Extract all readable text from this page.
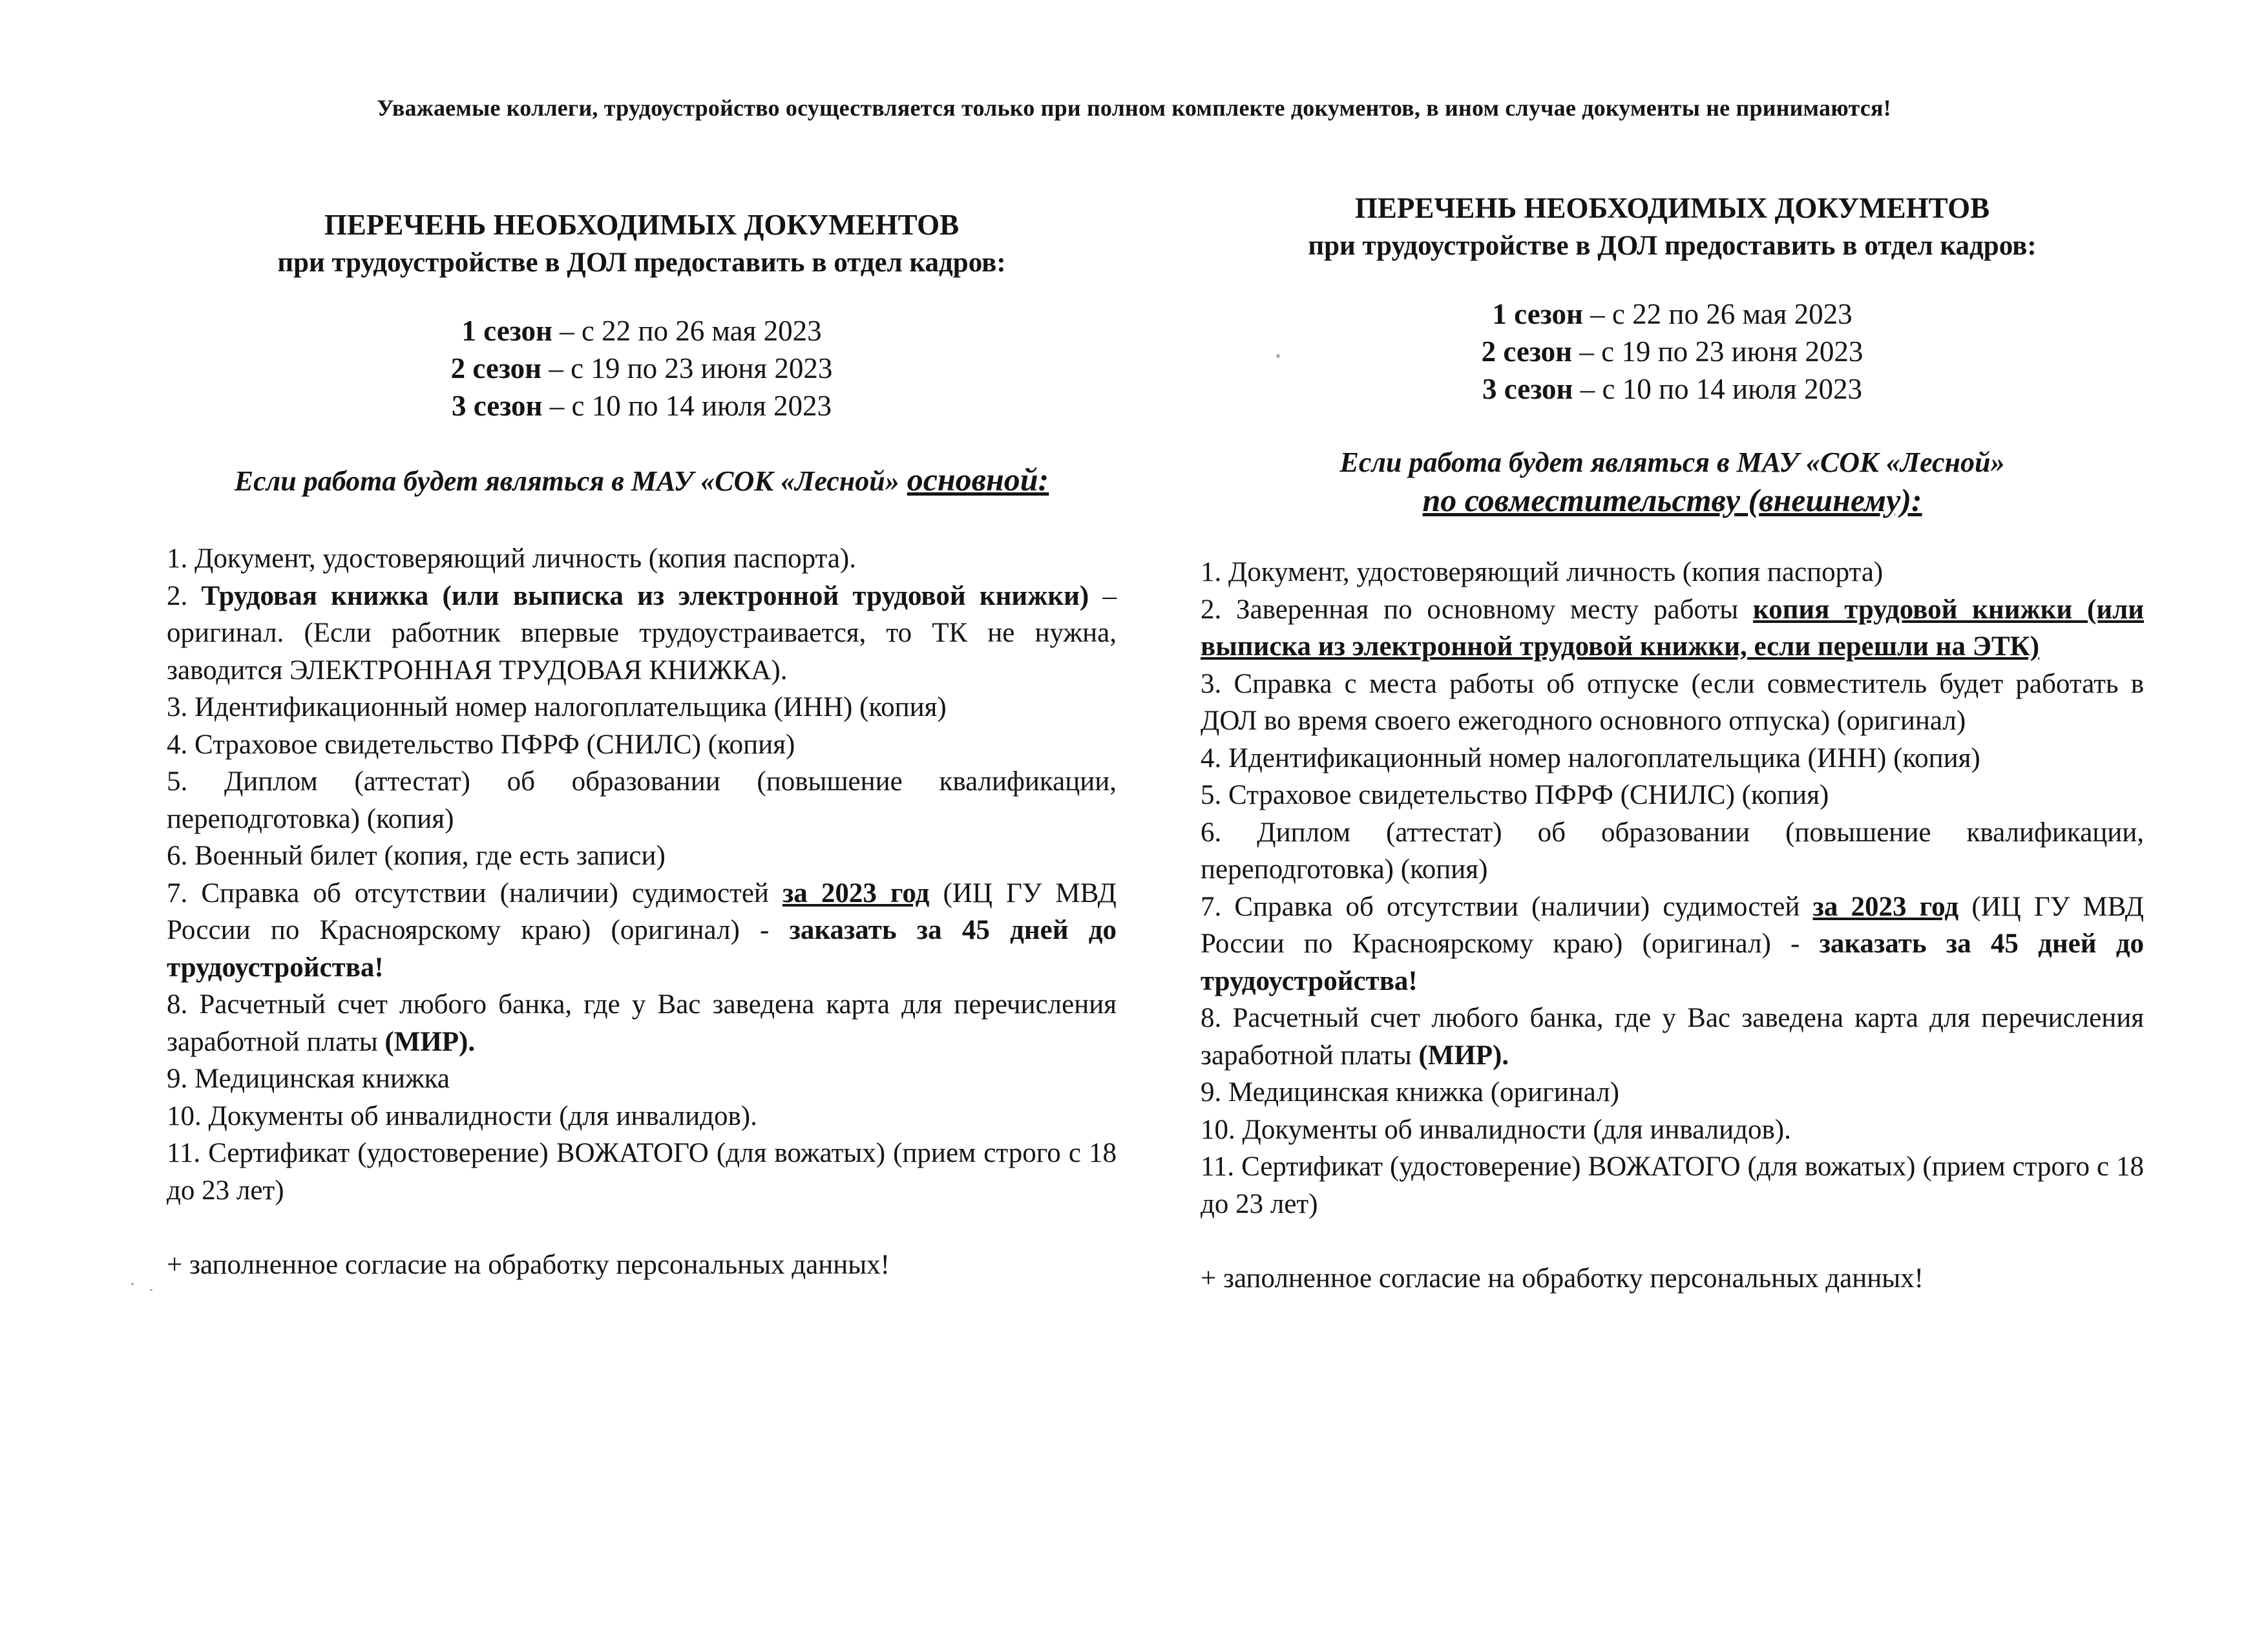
Уважаемые коллеги, трудоустройство осуществляется только при полном комплекте документов, в ином случае документы не принимаются!
ПЕРЕЧЕНЬ НЕОБХОДИМЫХ ДОКУМЕНТОВ
при трудоустройстве в ДОЛ предоставить в отдел кадров:
1 сезон – с 22 по 26 мая 2023
2 сезон – с 19 по 23 июня 2023
3 сезон – с 10 по 14 июля 2023
Если работа будет являться в МАУ «СОК «Лесной» основной:
1. Документ, удостоверяющий личность (копия паспорта).
2. Трудовая книжка (или выписка из электронной трудовой книжки) – оригинал. (Если работник впервые трудоустраивается, то ТК не нужна, заводится ЭЛЕКТРОННАЯ ТРУДОВАЯ КНИЖКА).
3. Идентификационный номер налогоплательщика (ИНН) (копия)
4. Страховое свидетельство ПФРФ (СНИЛС) (копия)
5. Диплом (аттестат) об образовании (повышение квалификации, переподготовка) (копия)
6. Военный билет (копия, где есть записи)
7. Справка об отсутствии (наличии) судимостей за 2023 год (ИЦ ГУ МВД России по Красноярскому краю) (оригинал) - заказать за 45 дней до трудоустройства!
8. Расчетный счет любого банка, где у Вас заведена карта для перечисления заработной платы (МИР).
9. Медицинская книжка
10. Документы об инвалидности (для инвалидов).
11. Сертификат (удостоверение) ВОЖАТОГО (для вожатых) (прием строго с 18 до 23 лет)
+ заполненное согласие на обработку персональных данных!
ПЕРЕЧЕНЬ НЕОБХОДИМЫХ ДОКУМЕНТОВ
при трудоустройстве в ДОЛ предоставить в отдел кадров:
1 сезон – с 22 по 26 мая 2023
2 сезон – с 19 по 23 июня 2023
3 сезон – с 10 по 14 июля 2023
Если работа будет являться в МАУ «СОК «Лесной»
по совместительству (внешнему):
1. Документ, удостоверяющий личность (копия паспорта)
2. Заверенная по основному месту работы копия трудовой книжки (или выписка из электронной трудовой книжки, если перешли на ЭТК)
3. Справка с места работы об отпуске (если совместитель будет работать в ДОЛ во время своего ежегодного основного отпуска) (оригинал)
4. Идентификационный номер налогоплательщика (ИНН) (копия)
5. Страховое свидетельство ПФРФ (СНИЛС) (копия)
6. Диплом (аттестат) об образовании (повышение квалификации, переподготовка) (копия)
7. Справка об отсутствии (наличии) судимостей за 2023 год (ИЦ ГУ МВД России по Красноярскому краю) (оригинал) - заказать за 45 дней до трудоустройства!
8. Расчетный счет любого банка, где у Вас заведена карта для перечисления заработной платы (МИР).
9. Медицинская книжка (оригинал)
10. Документы об инвалидности (для инвалидов).
11. Сертификат (удостоверение) ВОЖАТОГО (для вожатых) (прием строго с 18 до 23 лет)
+ заполненное согласие на обработку персональных данных!
